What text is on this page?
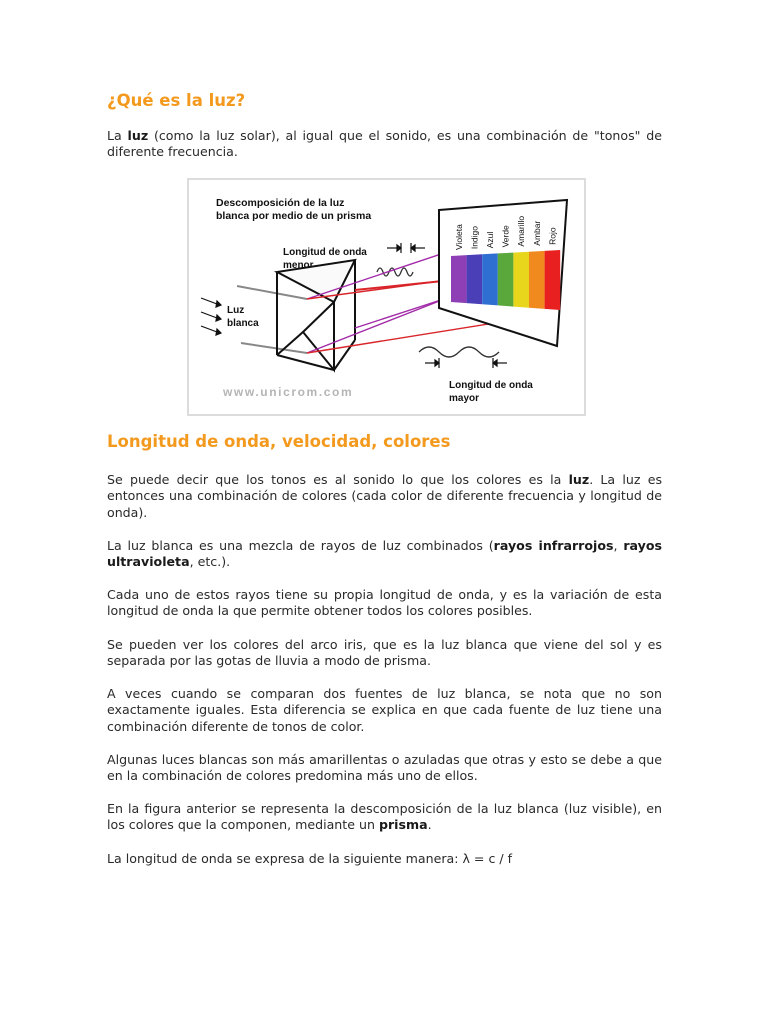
¿Qué es la luz?

La luz (como la luz solar), al igual que el sonido, es una combinación de "tonos" de diferente frecuencia.

Descomposición de la luz
blanca por medio de un prisma
Longitud de onda
menor
Luz
blanca
Violeta Indigo Azul Verde Amarillo Ambar Rojo
Longitud de onda
mayor
www.unicrom.com
Longitud de onda, velocidad, colores

Se puede decir que los tonos es al sonido lo que los colores es la luz. La luz es entonces una combinación de colores (cada color de diferente frecuencia y longitud de onda).

La luz blanca es una mezcla de rayos de luz combinados (rayos infrarrojos, rayos ultravioleta, etc.).

Cada uno de estos rayos tiene su propia longitud de onda, y es la variación de esta longitud de onda la que permite obtener todos los colores posibles.

Se pueden ver los colores del arco iris, que es la luz blanca que viene del sol y es separada por las gotas de lluvia a modo de prisma.

A veces cuando se comparan dos fuentes de luz blanca, se nota que no son exactamente iguales. Esta diferencia se explica en que cada fuente de luz tiene una combinación diferente de tonos de color.

Algunas luces blancas son más amarillentas o azuladas que otras y esto se debe a que en la combinación de colores predomina más uno de ellos.

En la figura anterior se representa la descomposición de la luz blanca (luz visible), en los colores que la componen, mediante un prisma.

La longitud de onda se expresa de la siguiente manera: λ = c / f
